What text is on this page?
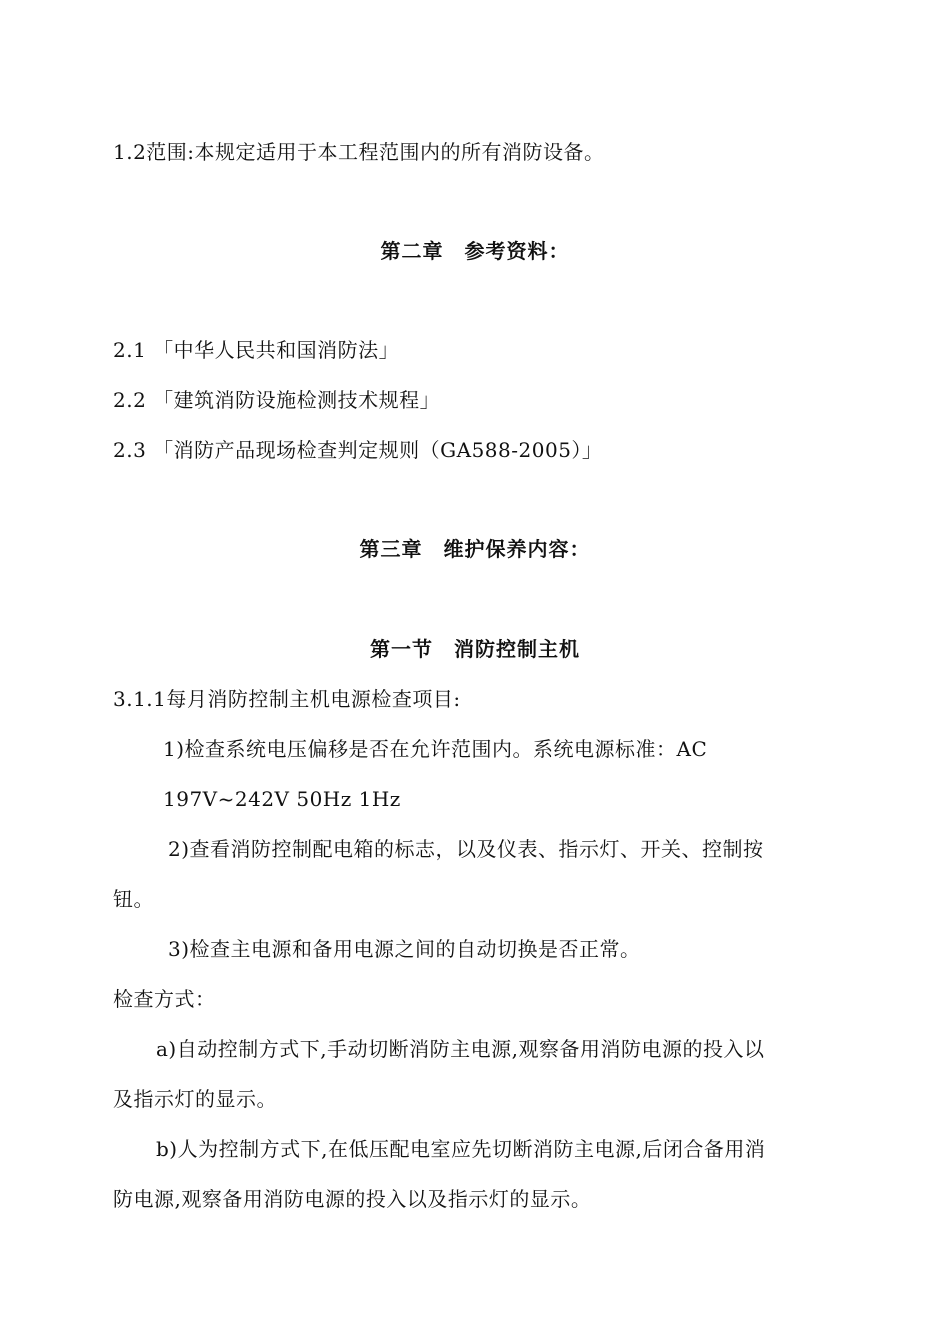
1.2范围:本规定适用于本工程范围内的所有消防设备。
第二章　参考资料：
2.1 「中华人民共和国消防法」
2.2 「建筑消防设施检测技术规程」
2.3 「消防产品现场检查判定规则（GA588-2005）」
第三章　维护保养内容：
第一节　消防控制主机
3.1.1每月消防控制主机电源检查项目:
1)检查系统电压偏移是否在允许范围内。系统电源标准：AC
197V~242V 50Hz 1Hz
2)查看消防控制配电箱的标志，以及仪表、指示灯、开关、控制按
钮。
3)检查主电源和备用电源之间的自动切换是否正常。
检查方式：
a)自动控制方式下,手动切断消防主电源,观察备用消防电源的投入以
及指示灯的显示。
b)人为控制方式下,在低压配电室应先切断消防主电源,后闭合备用消
防电源,观察备用消防电源的投入以及指示灯的显示。
